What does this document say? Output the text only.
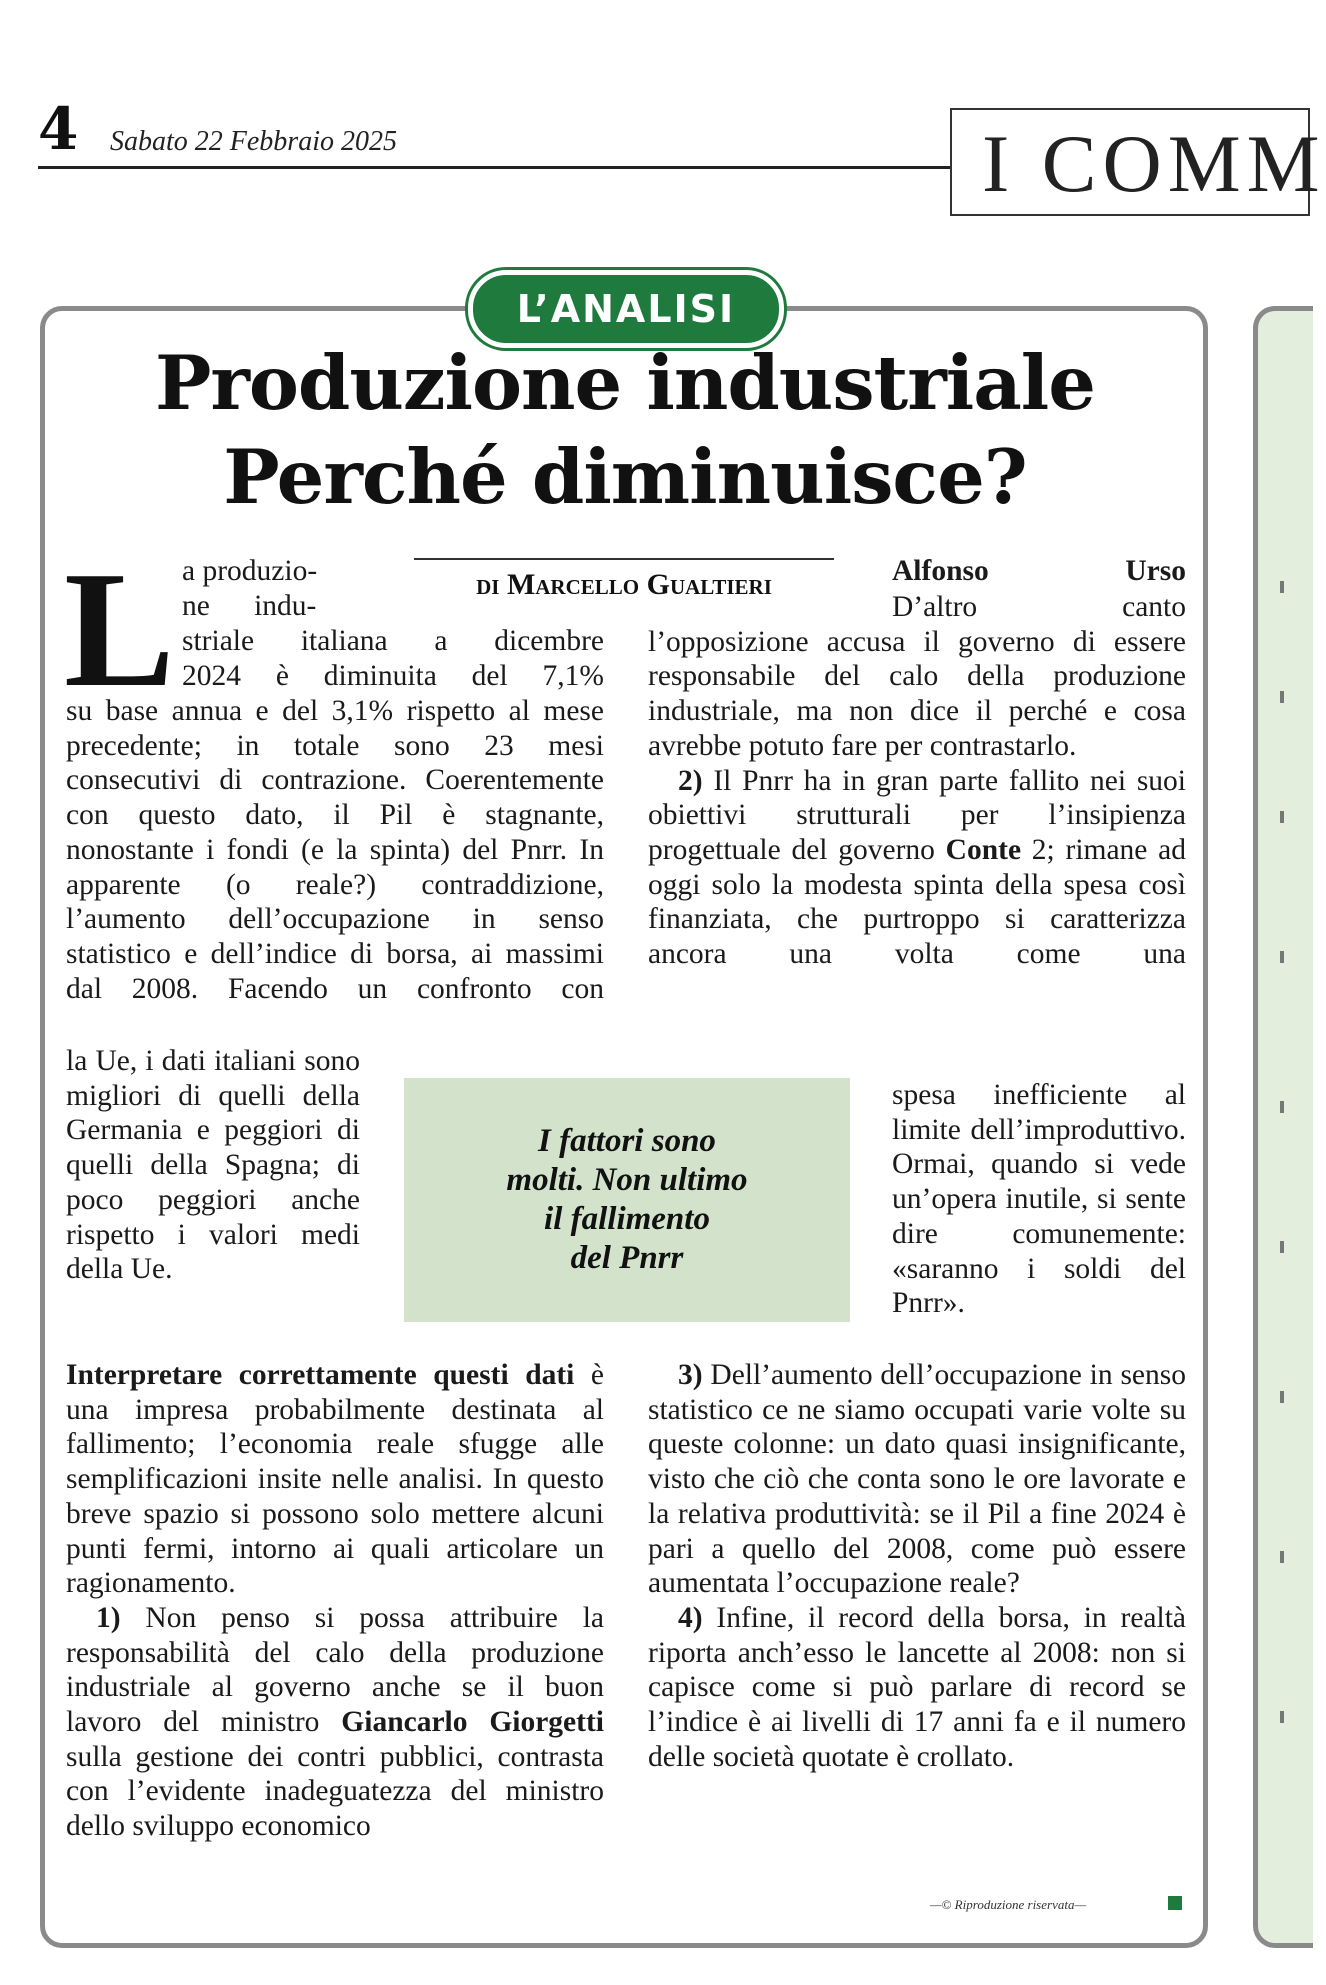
4 Sabato 22 Febbraio 2025	I COMM
L’ANALISI
Produzione industriale
Perché diminuisce?
L a produzio-
ne      indu-
striale italiana a dicembre
2024 è diminuita del 7,1%

su base annua e del 3,1% rispetto al mese precedente; in totale sono 23 mesi consecutivi di contrazione. Coerentemente con questo dato, il Pil è stagnante, nonostante i fondi (e la spinta) del Pnrr. In apparente (o reale?) contraddizione, l’aumento dell’occupazione in senso statistico e dell’indice di borsa, ai massimi dal 2008. Facendo un confronto con

la Ue, i dati italiani sono migliori di quelli della Germania e peggiori di quelli della Spagna; di poco peggiori anche rispetto i valori medi della Ue.

Interpretare correttamente questi dati è una impresa probabilmente destinata al fallimento; l’economia reale sfugge alle semplificazioni insite nelle analisi. In questo breve spazio si possono solo mettere alcuni punti fermi, intorno ai quali articolare un ragionamento.

1) Non penso si possa attribuire la responsabilità del calo della produzione industriale al governo anche se il buon lavoro del ministro Giancarlo Giorgetti sulla gestione dei contri pubblici, contrasta con l’evidente inadeguatezza del ministro dello sviluppo economico

di Marcello Gualtieri	Alfonso Urso

D’altro canto l’opposizione accusa il governo di essere responsabile del calo della produzione industriale, ma non dice il perché e cosa avrebbe potuto fare per contrastarlo.

2) Il Pnrr ha in gran parte fallito nei suoi obiettivi strutturali per l’insipienza progettuale del governo Conte 2; rimane ad oggi solo la modesta spinta della spesa così finanziata, che purtroppo si caratterizza ancora una volta come una

spesa inefficiente al limite dell’improduttivo. Ormai, quando si vede un’opera inutile, si sente dire comunemente: «saranno i soldi del Pnrr».

3) Dell’aumento dell’occupazione in senso statistico ce ne siamo occupati varie volte su queste colonne: un dato quasi insignificante, visto che ciò che conta sono le ore lavorate e la relativa produttività: se il Pil a fine 2024 è pari a quello del 2008, come può essere aumentata l’occupazione reale?

4) Infine, il record della borsa, in realtà riporta anch’esso le lancette al 2008: non si capisce come si può parlare di record se l’indice è ai livelli di 17 anni fa e il numero delle società quotate è crollato.

I fattori sono
molti. Non ultimo
il fallimento
del Pnrr
—© Riproduzione riservata—
